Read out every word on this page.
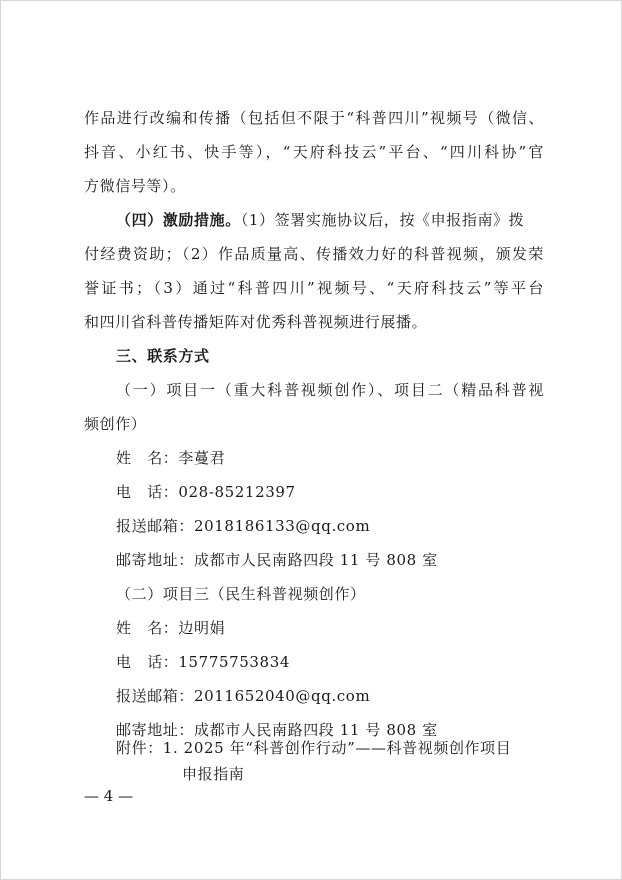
作品进行改编和传播（包括但不限于“科普四川”视频号（微信、
抖音、小红书、快手等），“天府科技云”平台、“四川科协”官
方微信号等）。
（四）激励措施。（1）签署实施协议后，按《申报指南》拨
付经费资助；（2）作品质量高、传播效力好的科普视频，颁发荣
誉证书；（3）通过“科普四川”视频号、“天府科技云”等平台
和四川省科普传播矩阵对优秀科普视频进行展播。
三、联系方式
（一）项目一（重大科普视频创作）、项目二（精品科普视
频创作）
姓　名：李蔓君
电　话：028-85212397
报送邮箱：2018186133@qq.com
邮寄地址：成都市人民南路四段 11 号 808 室
（二）项目三（民生科普视频创作）
姓　名：边明娟
电　话：15775753834
报送邮箱：2011652040@qq.com
邮寄地址：成都市人民南路四段 11 号 808 室
附件：1. 2025 年“科普创作行动”——科普视频创作项目
申报指南
— 4 —
